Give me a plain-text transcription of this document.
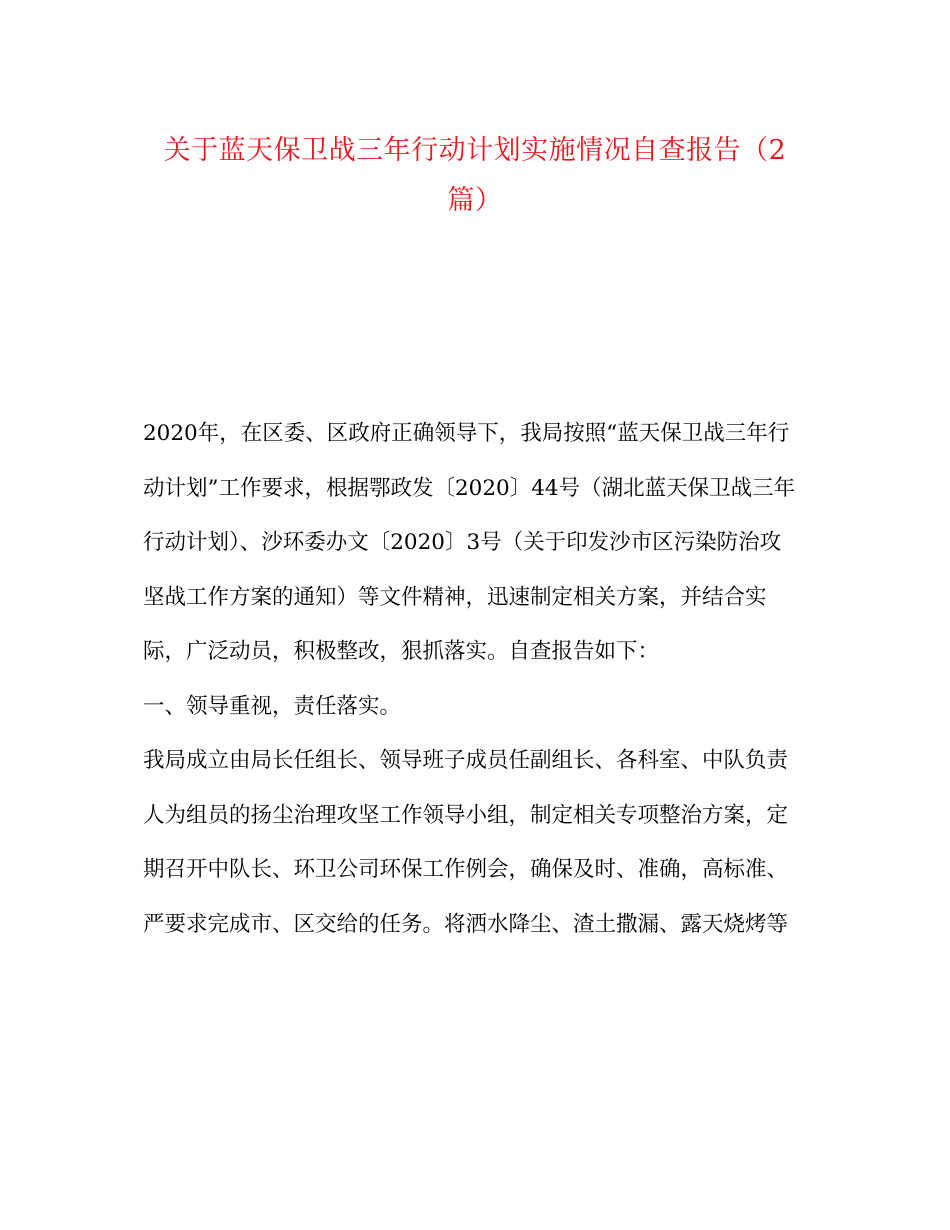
关于蓝天保卫战三年行动计划实施情况自查报告（2
篇）
2020年，在区委、区政府正确领导下，我局按照“蓝天保卫战三年行
动计划”工作要求，根据鄂政发〔2020〕44号（湖北蓝天保卫战三年
行动计划）、沙环委办文〔2020〕3号（关于印发沙市区污染防治攻
坚战工作方案的通知）等文件精神，迅速制定相关方案，并结合实
际，广泛动员，积极整改，狠抓落实。自查报告如下：
一、领导重视，责任落实。
我局成立由局长任组长、领导班子成员任副组长、各科室、中队负责
人为组员的扬尘治理攻坚工作领导小组，制定相关专项整治方案，定
期召开中队长、环卫公司环保工作例会，确保及时、准确，高标准、
严要求完成市、区交给的任务。将洒水降尘、渣土撒漏、露天烧烤等
